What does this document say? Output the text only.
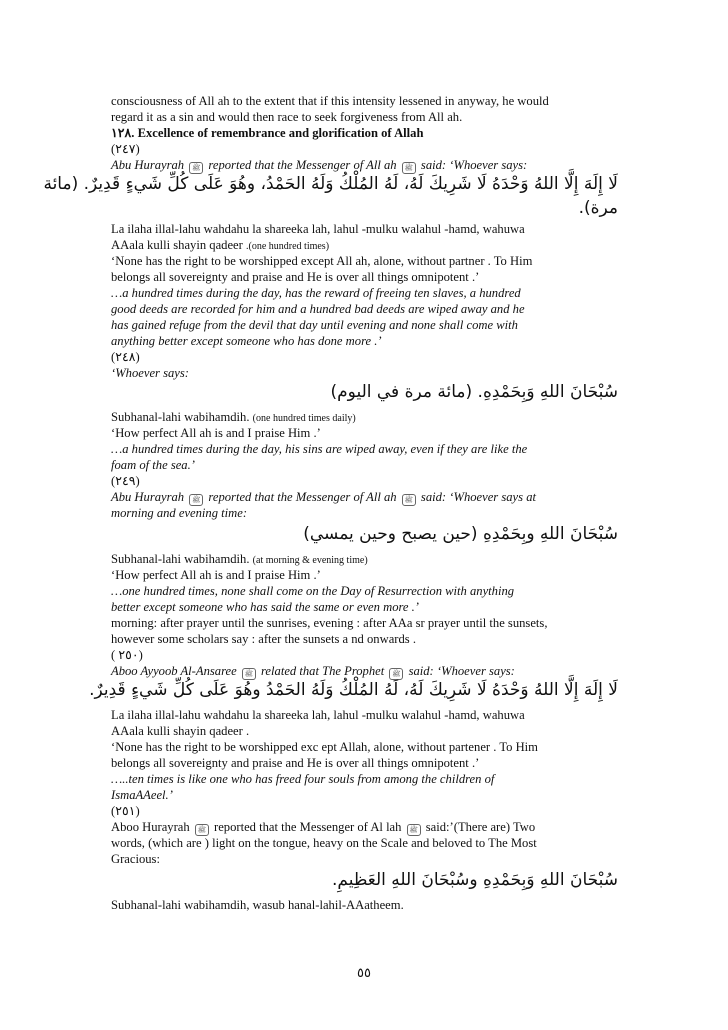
consciousness of All ah to the extent that if this intensity lessened in anyway, he would
regard it as a sin and would then race to seek forgiveness from All ah.
١٢٨. Excellence of remembrance and glorification of Allah
(٢٤٧)
Abu Hurayrah ﷺ reported that the Messenger of All ah ﷺ said: ‘Whoever says:
لَا إِلَهَ إِلَّا اللهُ وَحْدَهُ لَا شَرِيكَ لَهُ، لَهُ المُلْكُ وَلَهُ الحَمْدُ، وهُوَ عَلَى كُلِّ شَيءٍ قَدِيرٌ. (مائة
مرة).
La ilaha illal-lahu wahdahu la shareeka lah, lahul -mulku walahul -hamd, wahuwa
AAala kulli shayin qadeer .(one hundred times)
‘None has the right to be worshipped except All ah, alone, without partner . To Him
belongs all sovereignty and praise and He is over all things omnipotent .’
…a hundred times during the day, has the reward of freeing ten slaves, a hundred
good deeds are recorded for him and a hundred bad deeds are wiped away and he
has gained refuge from the devil that day until evening and none shall come with
anything better except someone who has done more .’
(٢٤٨)
‘Whoever says:
سُبْحَانَ اللهِ وَبِحَمْدِهِ. (مائة مرة في اليوم)
Subhanal-lahi wabihamdih. (one hundred times daily)
‘How perfect All ah is and I praise Him .’
…a hundred times during the day, his sins are wiped away, even if they are like the
foam of the sea.’
(٢٤٩)
Abu Hurayrah ﷺ reported that the Messenger of All ah ﷺ said: ‘Whoever says at
morning and evening time:
سُبْحَانَ اللهِ وبِحَمْدِهِ (حين يصبح وحين يمسي)
Subhanal-lahi wabihamdih. (at morning & evening time)
‘How perfect All ah is and I praise Him .’
…one hundred times, none shall come on the Day of Resurrection with anything
better except someone who has said the same or even more .’
morning: after prayer until the sunrises, evening : after AAa sr prayer until the sunsets,
however some scholars say : after the sunsets a nd onwards .
( ٢٥٠)
Aboo Ayyoob Al-Ansaree ﷺ related that The Prophet ﷺ said: ‘Whoever says:
لَا إِلَهَ إِلَّا اللهُ وَحْدَهُ لَا شَرِيكَ لَهُ، لَهُ المُلْكُ وَلَهُ الحَمْدُ وهُوَ عَلَى كُلِّ شَيءٍ قَدِيرٌ.
La ilaha illal-lahu wahdahu la shareeka lah, lahul -mulku walahul -hamd, wahuwa
AAala kulli shayin qadeer .
‘None has the right to be worshipped exc ept Allah, alone, without partener . To Him
belongs all sovereignty and praise and He is over all things omnipotent .’
…..ten times is like one who has freed four souls from among the children of
IsmaAAeel.’
(٢٥١)
Aboo Hurayrah ﷺ reported that the Messenger of Al lah ﷺ said:’(There are) Two
words, (which are ) light on the tongue, heavy on the Scale and beloved to The Most
Gracious:
سُبْحَانَ اللهِ وَبِحَمْدِهِ وسُبْحَانَ اللهِ العَظِيمِ.
Subhanal-lahi wabihamdih, wasub hanal-lahil-AAatheem.
٥٥
